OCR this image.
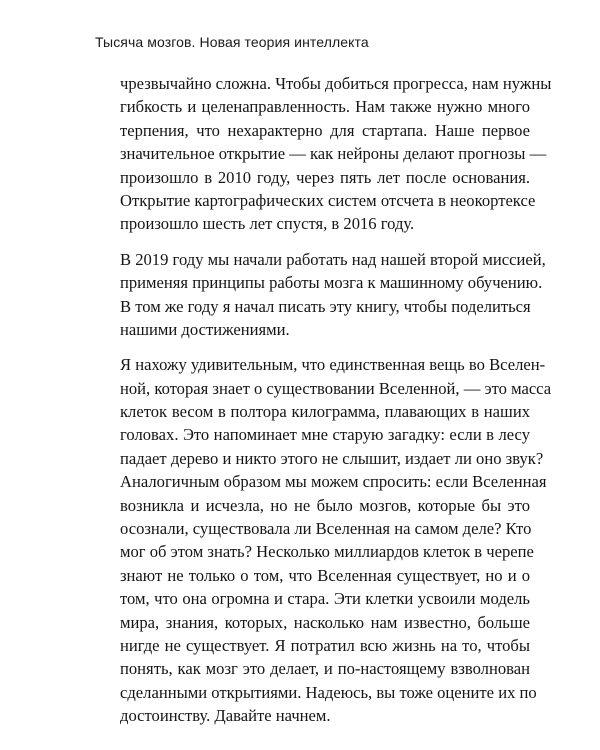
Тысяча мозгов. Новая теория интеллекта
чрезвычайно сложна. Чтобы добиться прогресса, нам нужны
гибкость и целенаправленность. Нам также нужно много
терпения, что нехарактерно для стартапа. Наше первое
значительное открытие — как нейроны делают прогнозы —
произошло в 2010 году, через пять лет после основания.
Открытие картографических систем отсчета в неокортексе
произошло шесть лет спустя, в 2016 году.
В 2019 году мы начали работать над нашей второй миссией,
применяя принципы работы мозга к машинному обучению.
В том же году я начал писать эту книгу, чтобы поделиться
нашими достижениями.
Я нахожу удивительным, что единственная вещь во Вселен-
ной, которая знает о существовании Вселенной, — это масса
клеток весом в полтора килограмма, плавающих в наших
головах. Это напоминает мне старую загадку: если в лесу
падает дерево и никто этого не слышит, издает ли оно звук?
Аналогичным образом мы можем спросить: если Вселенная
возникла и исчезла, но не было мозгов, которые бы это
осознали, существовала ли Вселенная на самом деле? Кто
мог об этом знать? Несколько миллиардов клеток в черепе
знают не только о том, что Вселенная существует, но и о
том, что она огромна и стара. Эти клетки усвоили модель
мира, знания, которых, насколько нам известно, больше
нигде не существует. Я потратил всю жизнь на то, чтобы
понять, как мозг это делает, и по-настоящему взволнован
сделанными открытиями. Надеюсь, вы тоже оцените их по
достоинству. Давайте начнем.
